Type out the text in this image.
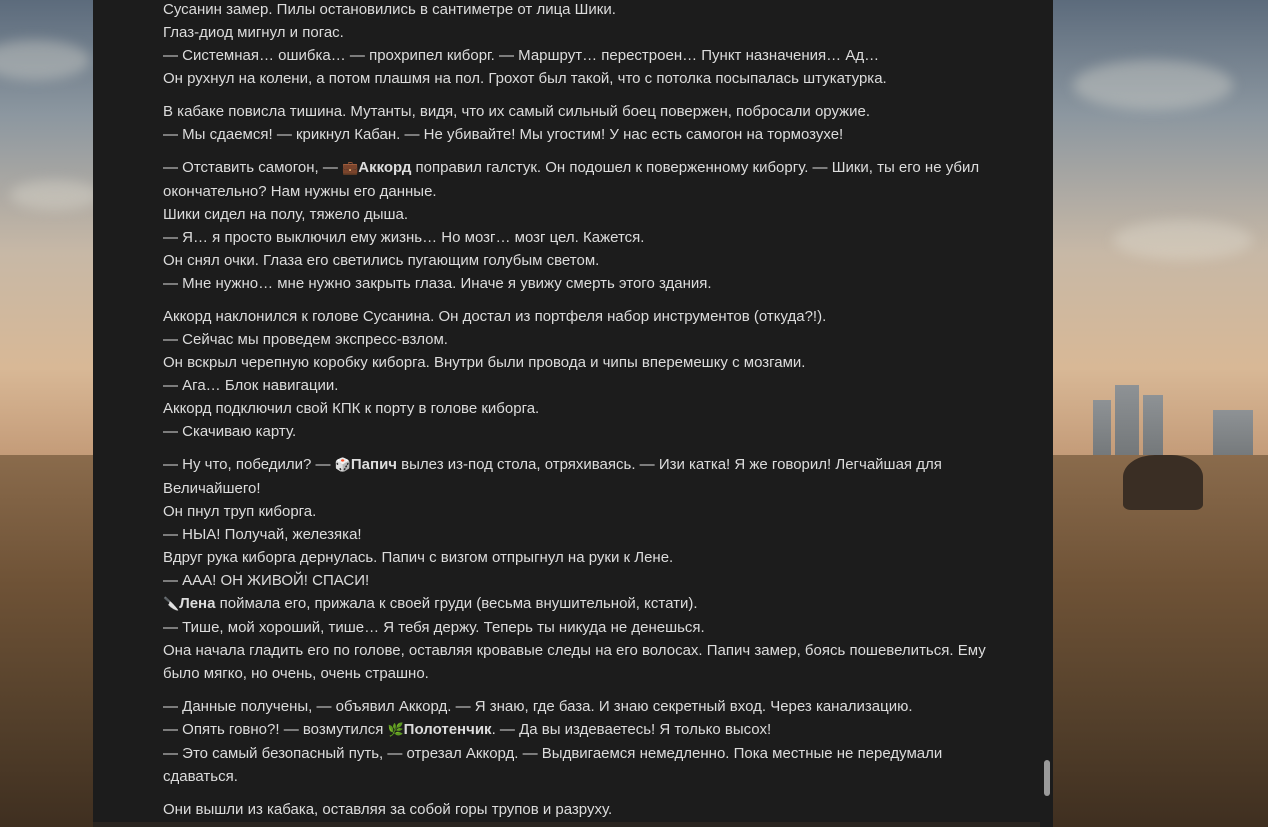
Сусанин замер. Пилы остановились в сантиметре от лица Шики.
Глаз-диод мигнул и погас.
— Системная… ошибка… — прохрипел киборг. — Маршрут… перестроен… Пункт назначения… Ад…
Он рухнул на колени, а потом плашмя на пол. Грохот был такой, что с потолка посыпалась штукатурка.
В кабаке повисла тишина. Мутанты, видя, что их самый сильный боец повержен, побросали оружие.
— Мы сдаемся! — крикнул Кабан. — Не убивайте! Мы угостим! У нас есть самогон на тормозухе!
— Отставить самогон, — 💼Аккорд поправил галстук. Он подошел к поверженному киборгу. — Шики, ты его не убил окончательно? Нам нужны его данные.
Шики сидел на полу, тяжело дыша.
— Я… я просто выключил ему жизнь… Но мозг… мозг цел. Кажется.
Он снял очки. Глаза его светились пугающим голубым светом.
— Мне нужно… мне нужно закрыть глаза. Иначе я увижу смерть этого здания.
Аккорд наклонился к голове Сусанина. Он достал из портфеля набор инструментов (откуда?!).
— Сейчас мы проведем экспресс-взлом.
Он вскрыл черепную коробку киборга. Внутри были провода и чипы вперемешку с мозгами.
— Ага… Блок навигации.
Аккорд подключил свой КПК к порту в голове киборга.
— Скачиваю карту.
— Ну что, победили? — 🎲Папич вылез из-под стола, отряхиваясь. — Изи катка! Я же говорил! Легчайшая для Величайшего!
Он пнул труп киборга.
— НЫА! Получай, железяка!
Вдруг рука киборга дернулась. Папич с визгом отпрыгнул на руки к Лене.
— ААА! ОН ЖИВОЙ! СПАСИ!
🔪Лена поймала его, прижала к своей груди (весьма внушительной, кстати).
— Тише, мой хороший, тише… Я тебя держу. Теперь ты никуда не денешься.
Она начала гладить его по голове, оставляя кровавые следы на его волосах. Папич замер, боясь пошевелиться. Ему было мягко, но очень, очень страшно.
— Данные получены, — объявил Аккорд. — Я знаю, где база. И знаю секретный вход. Через канализацию.
— Опять говно?! — возмутился 🌿Полотенчик. — Да вы издеваетесь! Я только высох!
— Это самый безопасный путь, — отрезал Аккорд. — Выдвигаемся немедленно. Пока местные не передумали сдаваться.
Они вышли из кабака, оставляя за собой горы трупов и разруху.
